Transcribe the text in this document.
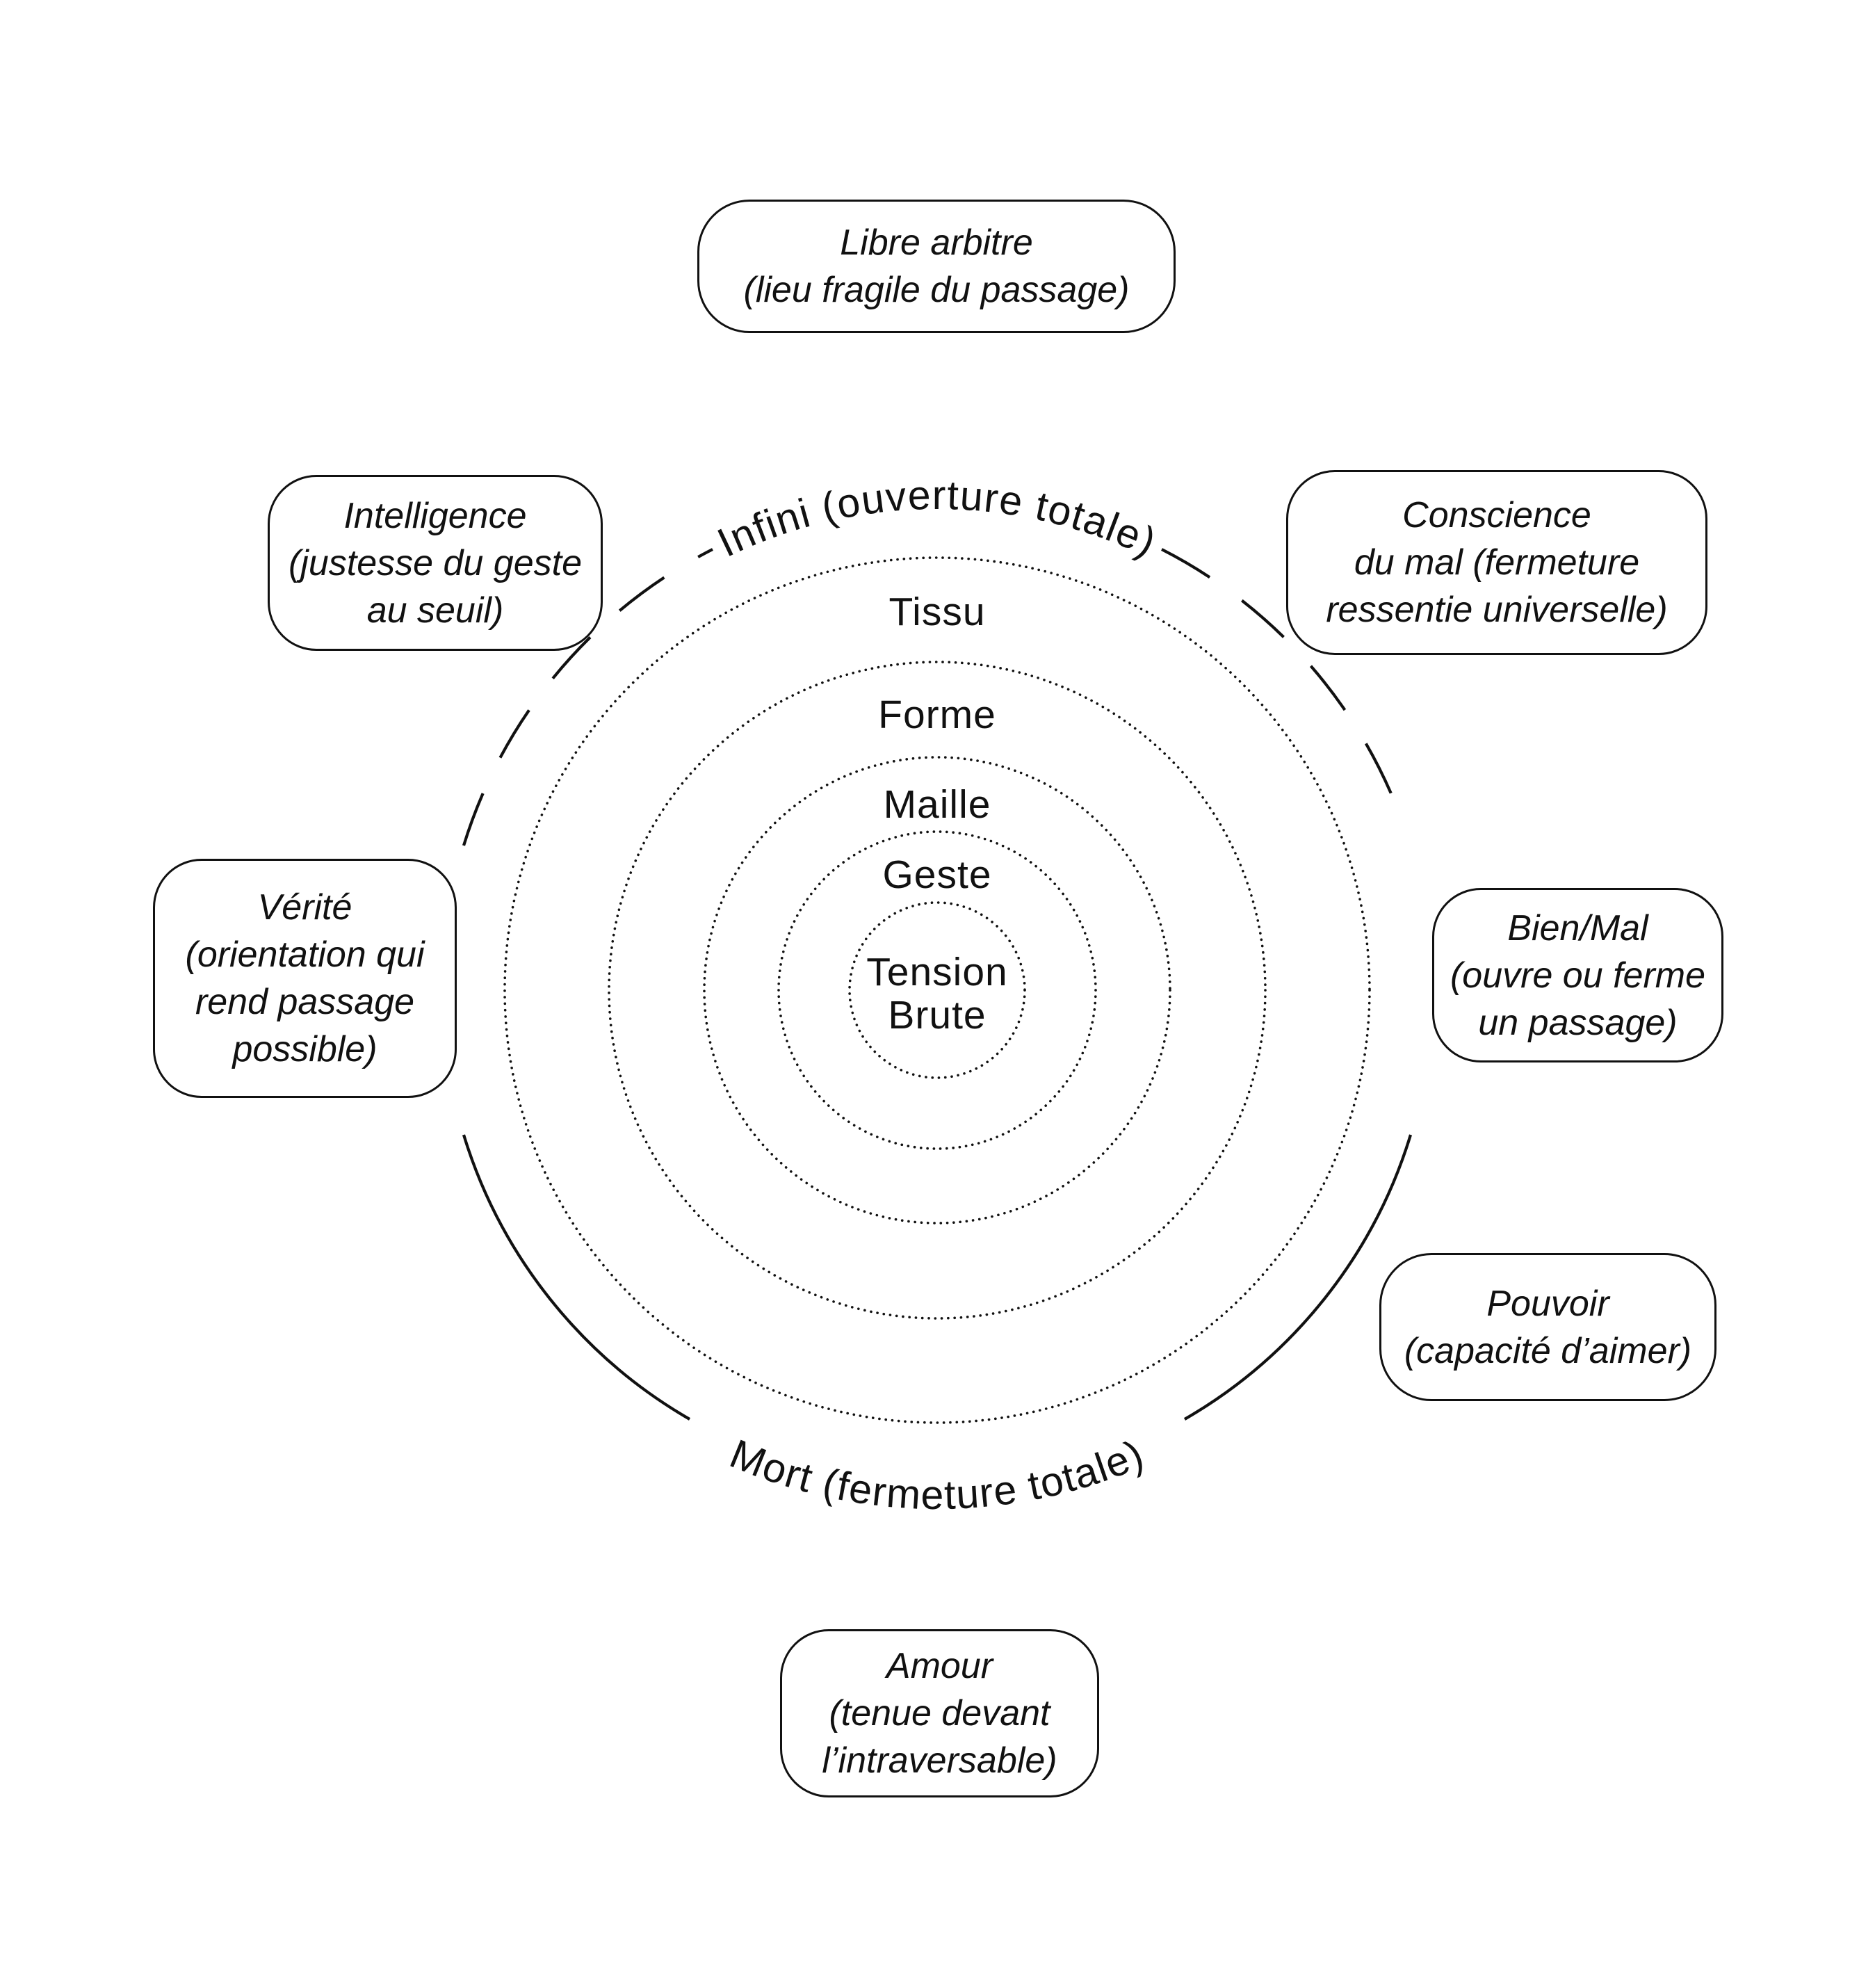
Infini (ouverture totale)
Mort (fermeture totale)
Tissu
Forme
Maille
Geste
Tension
Brute
Libre arbitre
(lieu fragile du passage)
Intelligence
(justesse du geste
au seuil)
Conscience
du mal (fermeture
ressentie universelle)
Vérité
(orientation qui
rend passage
possible)
Bien/Mal
(ouvre ou ferme
un passage)
Pouvoir
(capacité d’aimer)
Amour
(tenue devant
l’intraversable)
